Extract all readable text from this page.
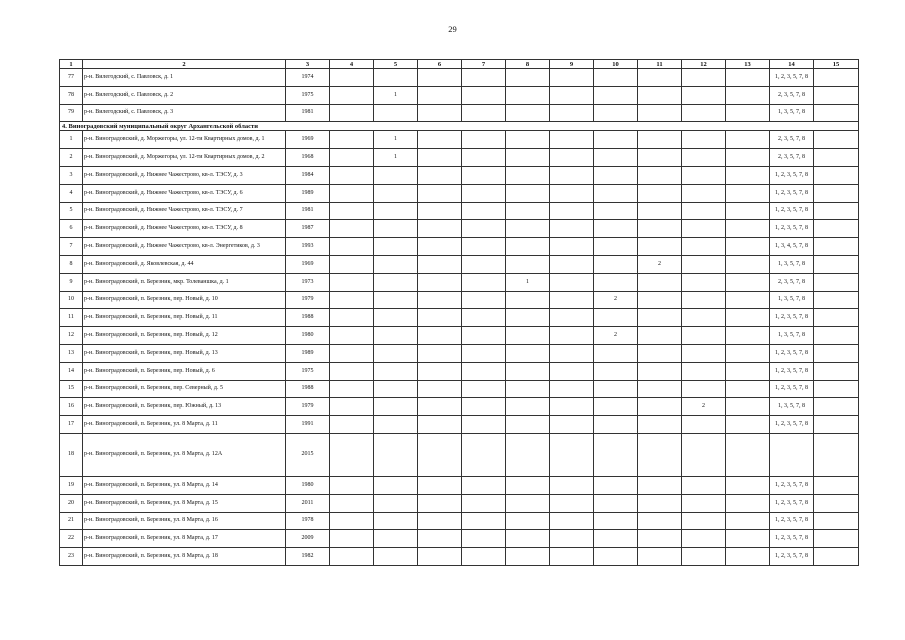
29
1	2	3	4	5	6	7	8	9	10	11	12	13	14	15	
77	р-н. Вилегодский, с. Павловск, д. 1	1974											1, 2, 3, 5, 7, 8		
78	р-н. Вилегодский, с. Павловск, д. 2	1975		1									2, 3, 5, 7, 8		
79	р-н. Вилегодский, с. Павловск, д. 3	1981											1, 3, 5, 7, 8		
4. Виноградовский муниципальный округ Архангельской области															
1	р-н. Виноградовский, д. Моржегоры, ул. 12-ти Квартирных домов, д. 1	1969		1									2, 3, 5, 7, 8		
2	р-н. Виноградовский, д. Моржегоры, ул. 12-ти Квартирных домов, д. 2	1968		1									2, 3, 5, 7, 8		
3	р-н. Виноградовский, д. Нижнее Чажестрово, кв-л. ТЭСУ, д. 3	1984											1, 2, 3, 5, 7, 8		
4	р-н. Виноградовский, д. Нижнее Чажестрово, кв-л. ТЭСУ, д. 6	1989											1, 2, 3, 5, 7, 8		
5	р-н. Виноградовский, д. Нижнее Чажестрово, кв-л. ТЭСУ, д. 7	1981											1, 2, 3, 5, 7, 8		
6	р-н. Виноградовский, д. Нижнее Чажестрово, кв-л. ТЭСУ, д. 8	1987											1, 2, 3, 5, 7, 8		
7	р-н. Виноградовский, д. Нижнее Чажестрово, кв-л. Энергетиков, д. 3	1993											1, 3, 4, 5, 7, 8		
8	р-н. Виноградовский, д. Яковлевская, д. 44	1969								2			1, 3, 5, 7, 8		
9	р-н. Виноградовский, п. Березник, мкр. Толеваншка, д. 1	1973					1						2, 3, 5, 7, 8		
10	р-н. Виноградовский, п. Березник, пер. Новый, д. 10	1979							2				1, 3, 5, 7, 8		
11	р-н. Виноградовский, п. Березник, пер. Новый, д. 11	1988											1, 2, 3, 5, 7, 8		
12	р-н. Виноградовский, п. Березник, пер. Новый, д. 12	1980							2				1, 3, 5, 7, 8		
13	р-н. Виноградовский, п. Березник, пер. Новый, д. 13	1989											1, 2, 3, 5, 7, 8		
14	р-н. Виноградовский, п. Березник, пер. Новый, д. 6	1975											1, 2, 3, 5, 7, 8		
15	р-н. Виноградовский, п. Березник, пер. Северный, д. 5	1988											1, 2, 3, 5, 7, 8		
16	р-н. Виноградовский, п. Березник, пер. Южный, д. 13	1979									2		1, 3, 5, 7, 8		
17	р-н. Виноградовский, п. Березник, ул. 8 Марта, д. 11	1991											1, 2, 3, 5, 7, 8		
18	р-н. Виноградовский, п. Березник, ул. 8 Марта, д. 12А	2015													
19	р-н. Виноградовский, п. Березник, ул. 8 Марта, д. 14	1980											1, 2, 3, 5, 7, 8		
20	р-н. Виноградовский, п. Березник, ул. 8 Марта, д. 15	2011											1, 2, 3, 5, 7, 8		
21	р-н. Виноградовский, п. Березник, ул. 8 Марта, д. 16	1978											1, 2, 3, 5, 7, 8		
22	р-н. Виноградовский, п. Березник, ул. 8 Марта, д. 17	2009											1, 2, 3, 5, 7, 8		
23	р-н. Виноградовский, п. Березник, ул. 8 Марта, д. 18	1982											1, 2, 3, 5, 7, 8		
